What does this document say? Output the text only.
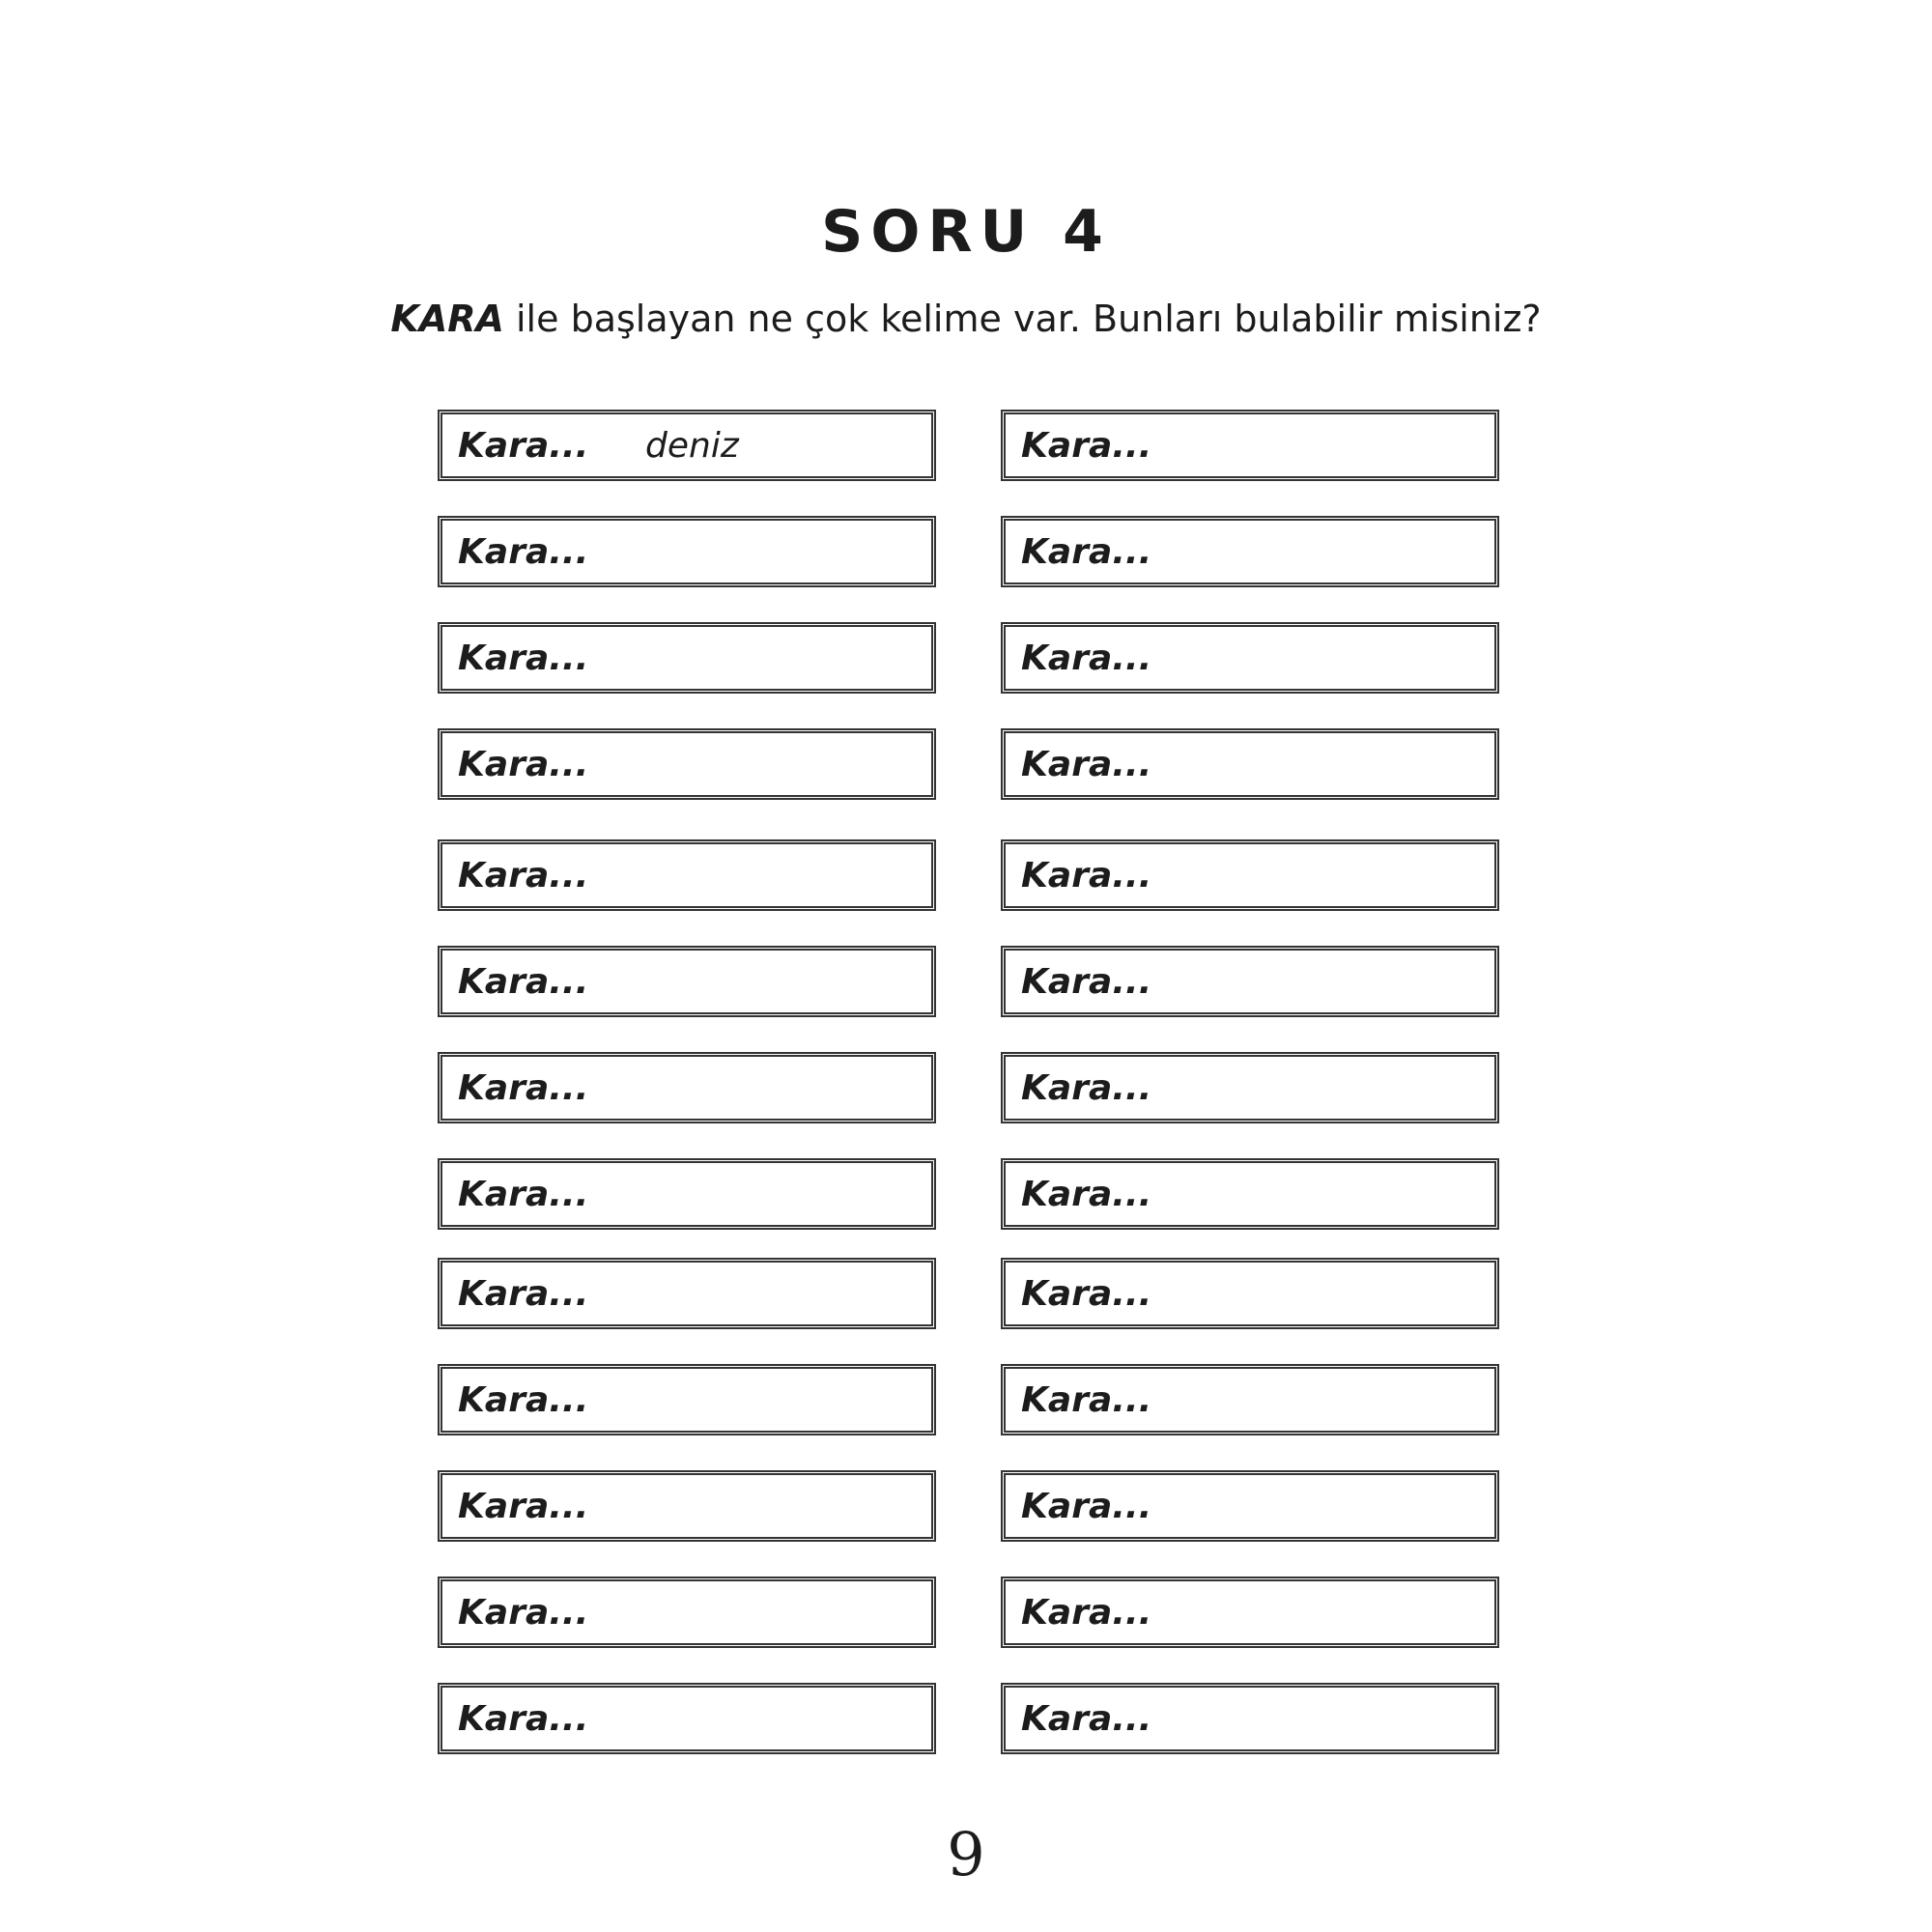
SORU 4
KARA ile başlayan ne çok kelime var. Bunları bulabilir misiniz?
Kara... deniz
Kara...
Kara...
Kara...
Kara...
Kara...
Kara...
Kara...
Kara...
Kara...
Kara...
Kara...
Kara...
Kara...
Kara...
Kara...
Kara...
Kara...
Kara...
Kara...
Kara...
Kara...
Kara...
Kara...
Kara...
Kara...
9
